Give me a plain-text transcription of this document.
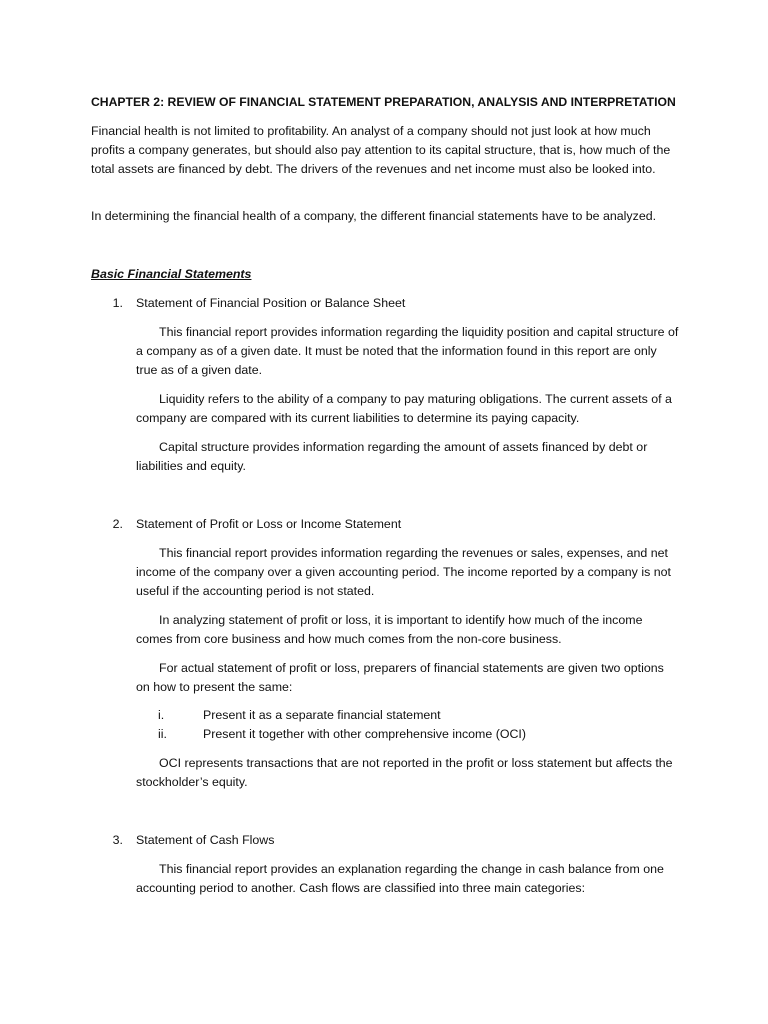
CHAPTER 2: REVIEW OF FINANCIAL STATEMENT PREPARATION, ANALYSIS AND INTERPRETATION

Financial health is not limited to profitability. An analyst of a company should not just look at how much profits a company generates, but should also pay attention to its capital structure, that is, how much of the total assets are financed by debt. The drivers of the revenues and net income must also be looked into.

In determining the financial health of a company, the different financial statements have to be analyzed.

Basic Financial Statements

1. Statement of Financial Position or Balance Sheet

This financial report provides information regarding the liquidity position and capital structure of a company as of a given date. It must be noted that the information found in this report are only true as of a given date.

Liquidity refers to the ability of a company to pay maturing obligations. The current assets of a company are compared with its current liabilities to determine its paying capacity.

Capital structure provides information regarding the amount of assets financed by debt or liabilities and equity.

2. Statement of Profit or Loss or Income Statement

This financial report provides information regarding the revenues or sales, expenses, and net income of the company over a given accounting period. The income reported by a company is not useful if the accounting period is not stated.

In analyzing statement of profit or loss, it is important to identify how much of the income comes from core business and how much comes from the non-core business.

For actual statement of profit or loss, preparers of financial statements are given two options on how to present the same:

i.	Present it as a separate financial statement
ii.	Present it together with other comprehensive income (OCI)

OCI represents transactions that are not reported in the profit or loss statement but affects the stockholder’s equity.

3. Statement of Cash Flows

This financial report provides an explanation regarding the change in cash balance from one accounting period to another. Cash flows are classified into three main categories:
